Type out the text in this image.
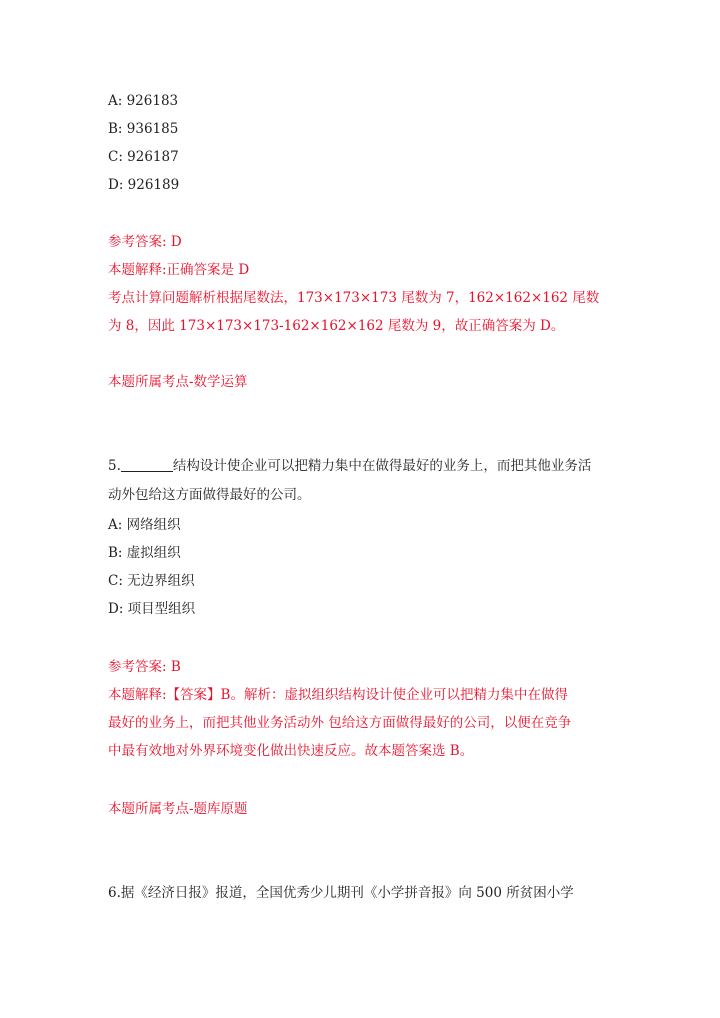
A: 926183
B: 936185
C: 926187
D: 926189
参考答案: D
本题解释:正确答案是 D
考点计算问题解析根据尾数法，173×173×173 尾数为 7，162×162×162 尾数
为 8，因此 173×173×173-162×162×162 尾数为 9，故正确答案为 D。
本题所属考点-数学运算
5.	结构设计使企业可以把精力集中在做得最好的业务上，而把其他业务活
动外包给这方面做得最好的公司。
A: 网络组织
B: 虚拟组织
C: 无边界组织
D: 项目型组织
参考答案: B
本题解释:【答案】B。解析：虚拟组织结构设计使企业可以把精力集中在做得
最好的业务上，而把其他业务活动外 包给这方面做得最好的公司，以便在竞争
中最有效地对外界环境变化做出快速反应。故本题答案选 B。
本题所属考点-题库原题
6.据《经济日报》报道，全国优秀少儿期刊《小学拼音报》向 500 所贫困小学
